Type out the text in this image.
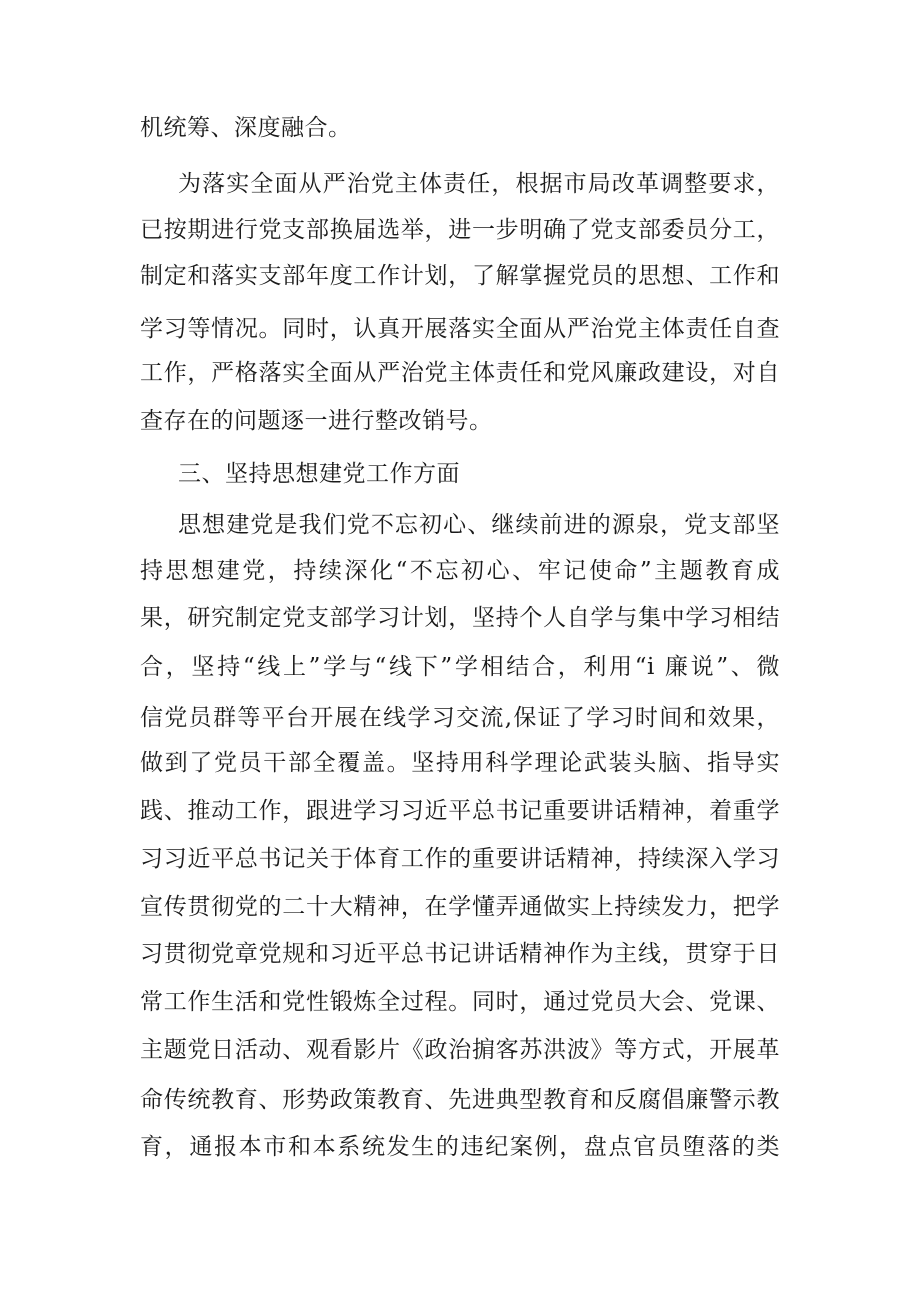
机统筹、深度融合。
为落实全面从严治党主体责任，根据市局改革调整要求，
已按期进行党支部换届选举，进一步明确了党支部委员分工，
制定和落实支部年度工作计划，了解掌握党员的思想、工作和
学习等情况。同时，认真开展落实全面从严治党主体责任自查
工作，严格落实全面从严治党主体责任和党风廉政建设，对自
查存在的问题逐一进行整改销号。
三、坚持思想建党工作方面
思想建党是我们党不忘初心、继续前进的源泉，党支部坚
持思想建党，持续深化“不忘初心、牢记使命”主题教育成
果，研究制定党支部学习计划，坚持个人自学与集中学习相结
合，坚持“线上”学与“线下”学相结合，利用“i 廉说”、微
信党员群等平台开展在线学习交流,保证了学习时间和效果，
做到了党员干部全覆盖。坚持用科学理论武装头脑、指导实
践、推动工作，跟进学习习近平总书记重要讲话精神，着重学
习习近平总书记关于体育工作的重要讲话精神，持续深入学习
宣传贯彻党的二十大精神，在学懂弄通做实上持续发力，把学
习贯彻党章党规和习近平总书记讲话精神作为主线，贯穿于日
常工作生活和党性锻炼全过程。同时，通过党员大会、党课、
主题党日活动、观看影片《政治掮客苏洪波》等方式，开展革
命传统教育、形势政策教育、先进典型教育和反腐倡廉警示教
育，通报本市和本系统发生的违纪案例，盘点官员堕落的类
